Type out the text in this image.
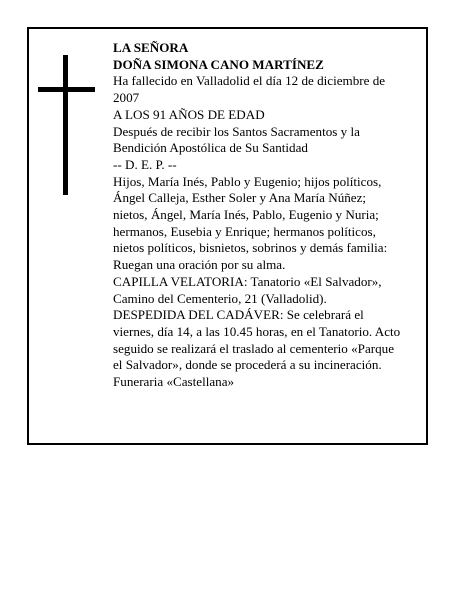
LA SEÑORA

DOÑA SIMONA CANO MARTÍNEZ

Ha fallecido en Valladolid el día 12 de diciembre de 2007

A LOS 91 AÑOS DE EDAD

Después de recibir los Santos Sacramentos y la Bendición Apostólica de Su Santidad

-- D. E. P. --

Hijos, María Inés, Pablo y Eugenio; hijos políticos, Ángel Calleja, Esther Soler y Ana María Núñez; nietos, Ángel, María Inés, Pablo, Eugenio y Nuria; hermanos, Eusebia y Enrique; hermanos políticos, nietos políticos, bisnietos, sobrinos y demás familia:

Ruegan una oración por su alma.

CAPILLA VELATORIA: Tanatorio «El Salvador», Camino del Cementerio, 21 (Valladolid).

DESPEDIDA DEL CADÁVER: Se celebrará el viernes, día 14, a las 10.45 horas, en el Tanatorio. Acto seguido se realizará el traslado al cementerio «Parque el Salvador», donde se procederá a su incineración.

Funeraria «Castellana»
